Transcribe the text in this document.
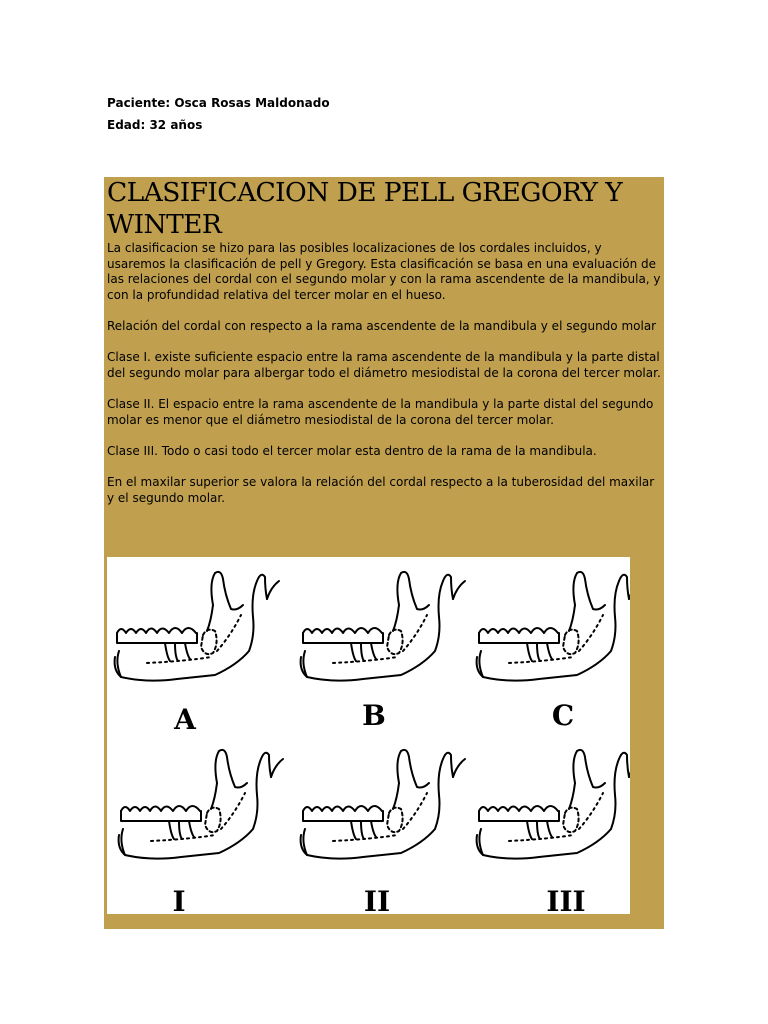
Paciente: Osca Rosas Maldonado
Edad: 32 años
CLASIFICACION DE PELL GREGORY Y WINTER

La clasificacion se hizo para las posibles localizaciones de los cordales incluidos, y usaremos la clasificación de pell y Gregory. Esta clasificación se basa en una evaluación de las relaciones del cordal con el segundo molar y con la rama ascendente de la mandibula, y con la profundidad relativa del tercer molar en el hueso.

Relación del cordal con respecto a la rama ascendente de la mandibula y el segundo molar

Clase I. existe suficiente espacio entre la rama ascendente de la mandibula y la parte distal del segundo molar para albergar todo el diámetro mesiodistal de la corona del tercer molar.

Clase II. El espacio entre la rama ascendente de la mandibula y la parte distal del segundo molar es menor que el diámetro mesiodistal de la corona del tercer molar.

Clase III. Todo o casi todo el tercer molar esta dentro de la rama de la mandibula.

En el maxilar superior se valora la relación del cordal respecto a la tuberosidad del maxilar y el segundo molar.

A	B	C
I	II	III
